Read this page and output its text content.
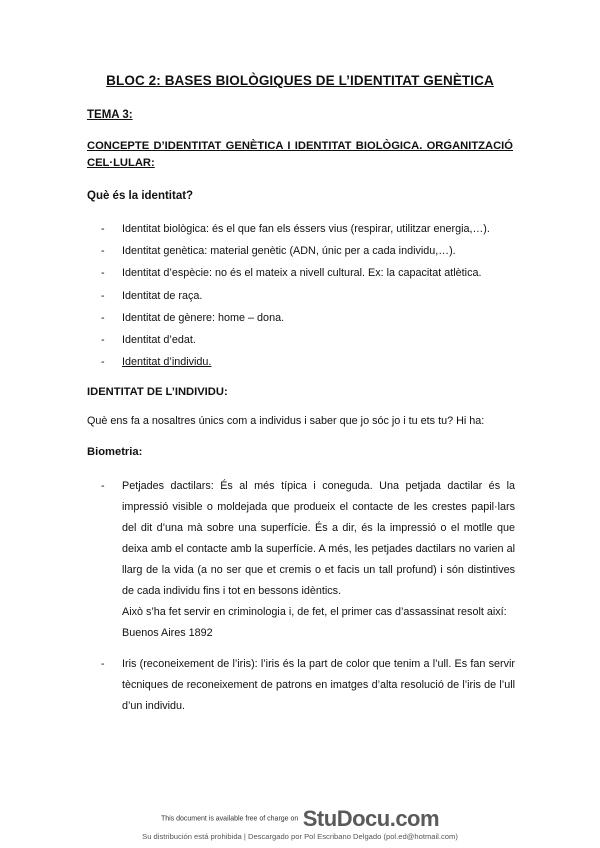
BLOC 2: BASES BIOLÒGIQUES DE L’IDENTITAT GENÈTICA
TEMA 3:
CONCEPTE D’IDENTITAT GENÈTICA I IDENTITAT BIOLÒGICA. ORGANITZACIÓ
CEL·LULAR:
Què és la identitat?
- Identitat biològica: és el que fan els éssers vius (respirar, utilitzar energia,…).
- Identitat genètica: material genètic (ADN, únic per a cada individu,…).
- Identitat d’espècie: no és el mateix a nivell cultural. Ex: la capacitat atlètica.
- Identitat de raça.
- Identitat de gènere: home – dona.
- Identitat d’edat.
- Identitat d’individu.
IDENTITAT DE L’INDIVIDU:
Què ens fa a nosaltres únics com a individus i saber que jo sóc jo i tu ets tu? Hi ha:
Biometria:
- Petjades dactilars: És al més típica i coneguda. Una petjada dactilar és la impressió visible o moldejada que produeix el contacte de les crestes papil·lars del dit d’una mà sobre una superfície. És a dir, és la impressió o el motlle que deixa amb el contacte amb la superfície. A més, les petjades dactilars no varien al llarg de la vida (a no ser que et cremis o et facis un tall profund) i són distintives de cada individu fins i tot en bessons idèntics.
Això s’ha fet servir en criminologia i, de fet, el primer cas d’assassinat resolt així:
Buenos Aires 1892
- Iris (reconeixement de l’iris): l’iris és la part de color que tenim a l’ull. Es fan servir tècniques de reconeixement de patrons en imatges d’alta resolució de l’iris de l’ull d’un individu.
This document is available free of charge on StuDocu.com
Su distribución está prohibida | Descargado por Pol Escribano Delgado (pol.ed@hotmail.com)
